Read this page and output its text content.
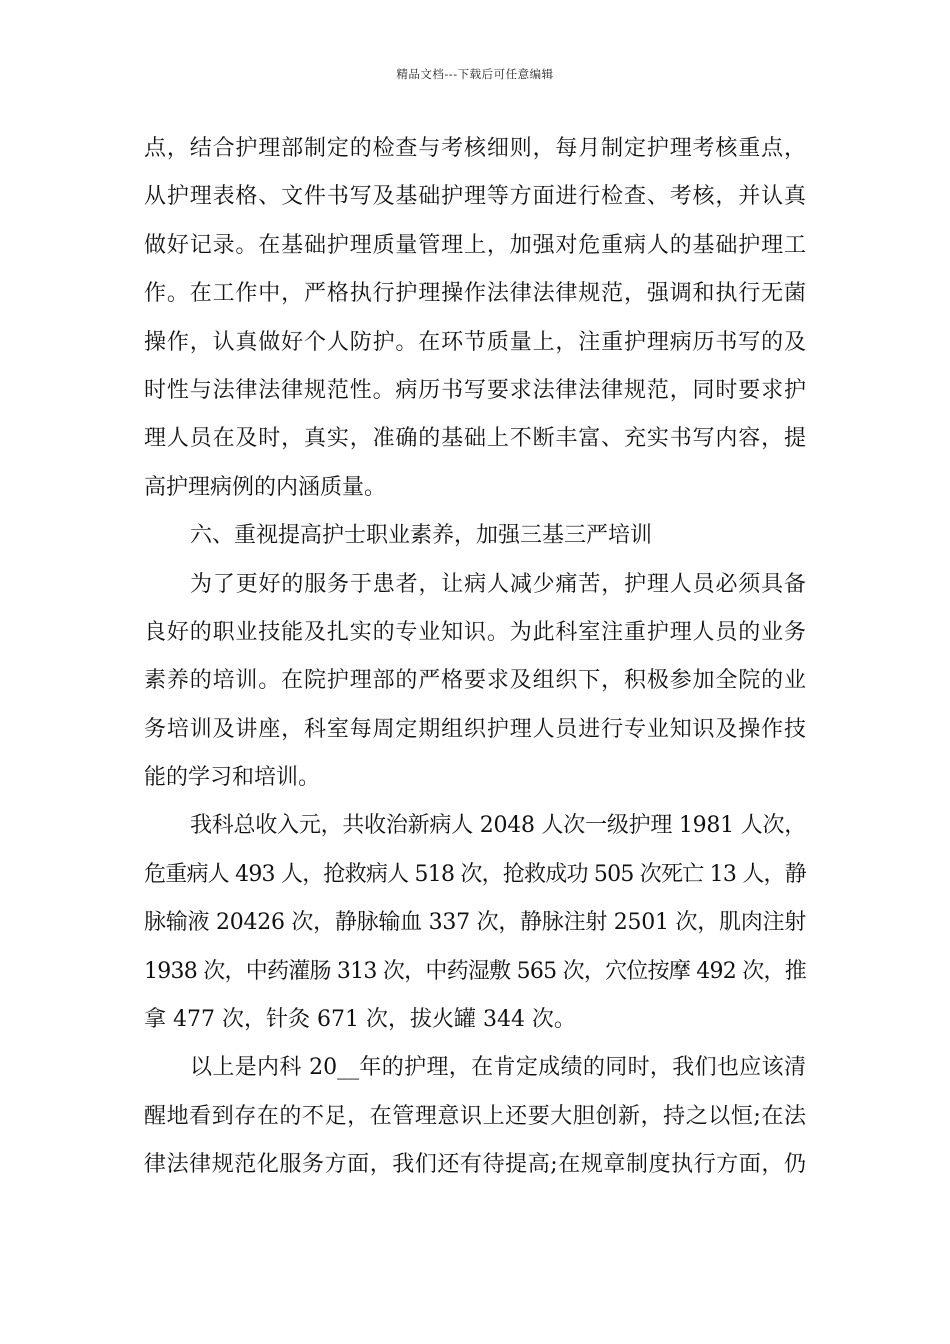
精品文档---下载后可任意编辑
点，结合护理部制定的检查与考核细则，每月制定护理考核重点，
从护理表格、文件书写及基础护理等方面进行检查、考核，并认真
做好记录。在基础护理质量管理上，加强对危重病人的基础护理工
作。在工作中，严格执行护理操作法律法律规范，强调和执行无菌
操作，认真做好个人防护。在环节质量上，注重护理病历书写的及
时性与法律法律规范性。病历书写要求法律法律规范，同时要求护
理人员在及时，真实，准确的基础上不断丰富、充实书写内容，提
高护理病例的内涵质量。
六、重视提高护士职业素养，加强三基三严培训
为了更好的服务于患者，让病人减少痛苦，护理人员必须具备
良好的职业技能及扎实的专业知识。为此科室注重护理人员的业务
素养的培训。在院护理部的严格要求及组织下，积极参加全院的业
务培训及讲座，科室每周定期组织护理人员进行专业知识及操作技
能的学习和培训。
我科总收入元，共收治新病人 2048 人次一级护理 1981 人次，
危重病人 493 人，抢救病人 518 次，抢救成功 505 次死亡 13 人，静
脉输液 20426 次，静脉输血 337 次，静脉注射 2501 次，肌肉注射
1938 次，中药灌肠 313 次，中药湿敷 565 次，穴位按摩 492 次，推
拿 477 次，针灸 671 次，拔火罐 344 次。
以上是内科 20__年的护理，在肯定成绩的同时，我们也应该清
醒地看到存在的不足，在管理意识上还要大胆创新，持之以恒;在法
律法律规范化服务方面，我们还有待提高;在规章制度执行方面，仍
